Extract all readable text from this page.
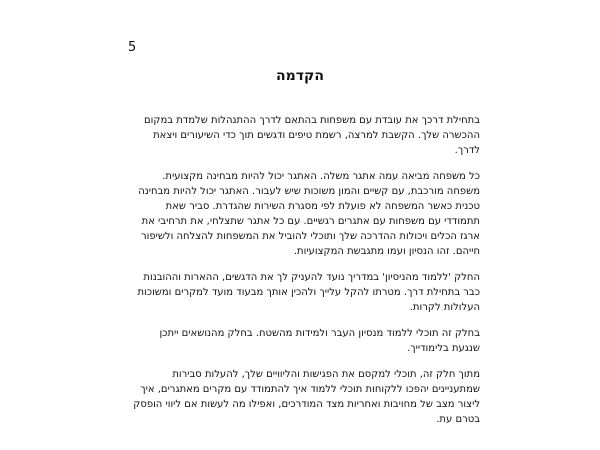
5
הקדמה

בתחילת דרכך את עובדת עם משפחות בהתאם לדרך ההתנהלות שלמדת במקום ההכשרה שלך. הקשבת למרצה, רשמת טיפים ודגשים תוך כדי השיעורים ויצאת לדרך.

כל משפחה מביאה עמה אתגר משלה. האתגר יכול להיות מבחינה מקצועית. משפחה מורכבת, עם קשיים והמון משוכות שיש לעבור. האתגר יכול להיות מבחינה טכנית כאשר המשפחה לא פועלת לפי מסגרת השירות שהגדרת. סביר שאת תתמודדי עם משפחות עם אתגרים רגשיים. עם כל אתגר שתצלחי, את תרחיבי את ארגז הכלים ויכולות ההדרכה שלך ותוכלי להוביל את המשפחות להצלחה ולשיפור חייהם. זהו הנסיון ועמו מתגבשת המקצועיות.

החלק 'ללמוד מהניסיון' במדריך נועד להעניק לך את הדגשים, ההארות וההובנות כבר בתחילת דרך. מטרתו להקל עלייך ולהכין אותך מבעוד מועד למקרים ומשוכות העלולות לקרות.

בחלק זה תוכלי ללמוד מנסיון העבר ולמידות מהשטח. בחלק מהנושאים ייתכן שנגעת בלימודייך.

מתוך חלק זה, תוכלי למקסם את הפגישות והליוויים שלך, להעלות סבירות שמתעניינים יהפכו ללקוחות תוכלי ללמוד איך להתמודד עם מקרים מאתגרים, איך ליצור מצב של מחויבות ואחריות מצד המודרכים, ואפילו מה לעשות אם ליווי הופסק בטרם עת.
